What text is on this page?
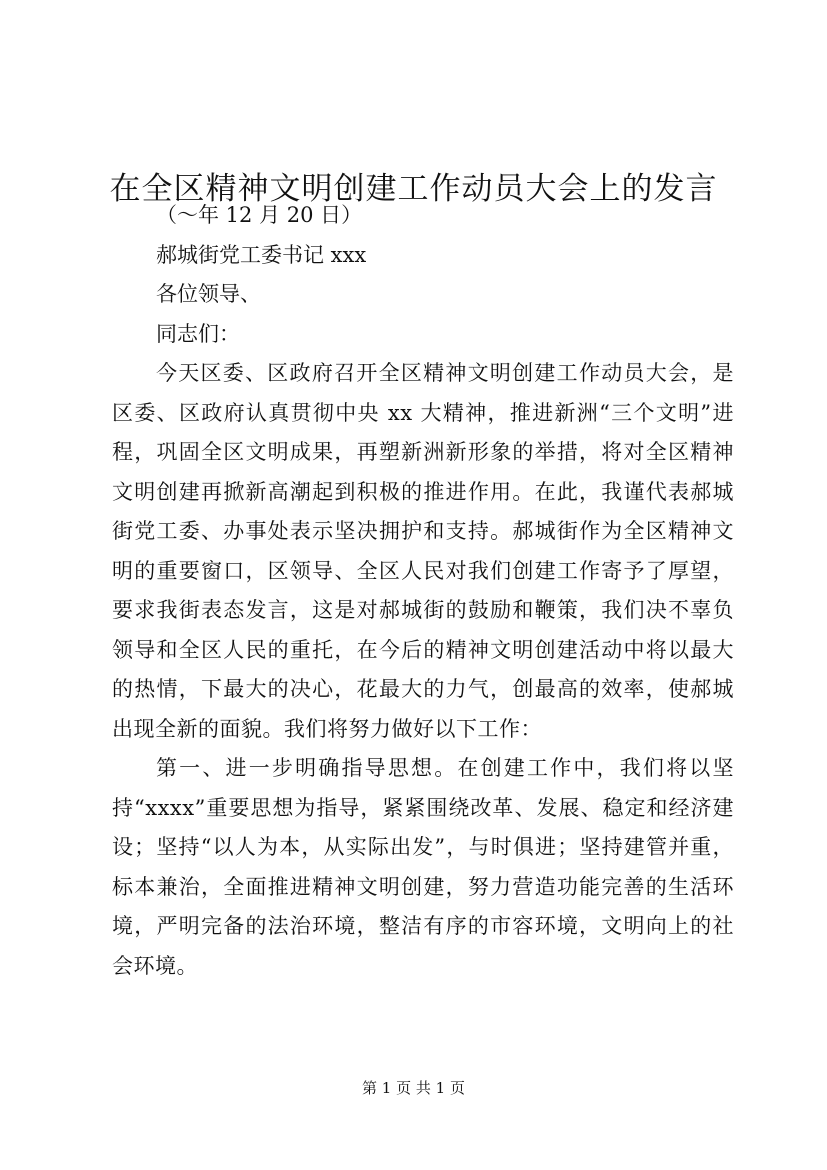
在全区精神文明创建工作动员大会上的发言

（～年 12 月 20 日）

郝城街党工委书记 xxx

各位领导、

同志们：

今天区委、区政府召开全区精神文明创建工作动员大会，是区委、区政府认真贯彻中央 xx 大精神，推进新洲“三个文明”进程，巩固全区文明成果，再塑新洲新形象的举措，将对全区精神文明创建再掀新高潮起到积极的推进作用。在此，我谨代表郝城街党工委、办事处表示坚决拥护和支持。郝城街作为全区精神文明的重要窗口，区领导、全区人民对我们创建工作寄予了厚望，要求我街表态发言，这是对郝城街的鼓励和鞭策，我们决不辜负领导和全区人民的重托，在今后的精神文明创建活动中将以最大的热情，下最大的决心，花最大的力气，创最高的效率，使郝城出现全新的面貌。我们将努力做好以下工作：

第一、进一步明确指导思想。在创建工作中，我们将以坚持“xxxx”重要思想为指导，紧紧围绕改革、发展、稳定和经济建设；坚持“以人为本，从实际出发”，与时俱进；坚持建管并重，标本兼治，全面推进精神文明创建，努力营造功能完善的生活环境，严明完备的法治环境，整洁有序的市容环境，文明向上的社会环境。

第 1 页 共 1 页
